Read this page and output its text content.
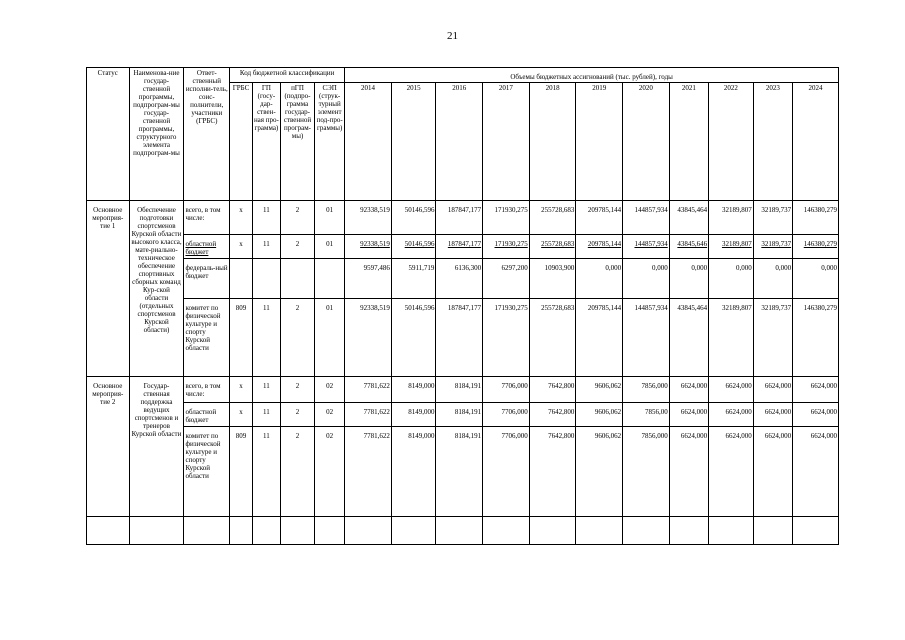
21
Статус	Наименова-ние государ-ственной программы, подпрограм-мы государ-ственной программы, структурного элемента подпрограм-мы	Ответ-ственный исполни-тель, соис-полнители, участники (ГРБС)	Код бюджетной классификации				Объемы бюджетных ассигнований (тыс. рублей), годы										
			ГРБС	ГП (госу-дар-ствен-ная про-грамма)	пГП (подпро-грамма государ-ственной програм-мы)	СЭП (струк-турный элемент под-про-граммы)	2014	2015	2016	2017	2018	2019	2020	2021	2022	2023	2024
Основное мероприя-тие 1	Обеспечение подготовки спортсменов Курской области высокого класса, мате-риально-техническое обеспечение спортивных сборных команд Кур-ской области (отдельных спортсменов Курской области)	всего, в том числе:	x	11	2	01	92338,519	50146,596	187847,177	171930,275	255728,683	209785,144	144857,934	43845,464	32189,807	32189,737	146380,279
		областной бюджет	x	11	2	01	92338,519	50146,596	187847,177	171930,275	255728,683	209785,144	144857,934	43845,646	32189,807	32189,737	146380,279
		федераль-ный бюджет					9597,486	5911,719	6136,300	6297,200	10903,900	0,000	0,000	0,000	0,000	0,000	0,000
		комитет по физической культуре и спорту Курской области	809	11	2	01	92338,519	50146,596	187847,177	171930,275	255728,683	209785,144	144857,934	43845,464	32189,807	32189,737	146380,279
Основное мероприя-тие 2	Государ-ственная поддержка ведущих спортсменов и тренеров Курской области	всего, в том числе:	x	11	2	02	7781,622	8149,000	8184,191	7706,000	7642,800	9606,062	7856,000	6624,000	6624,000	6624,000	6624,000
		областной бюджет	x	11	2	02	7781,622	8149,000	8184,191	7706,000	7642,800	9606,062	7856,00	6624,000	6624,000	6624,000	6624,000
		комитет по физической культуре и спорту Курской области	809	11	2	02	7781,622	8149,000	8184,191	7706,000	7642,800	9606,062	7856,000	6624,000	6624,000	6624,000	6624,000
